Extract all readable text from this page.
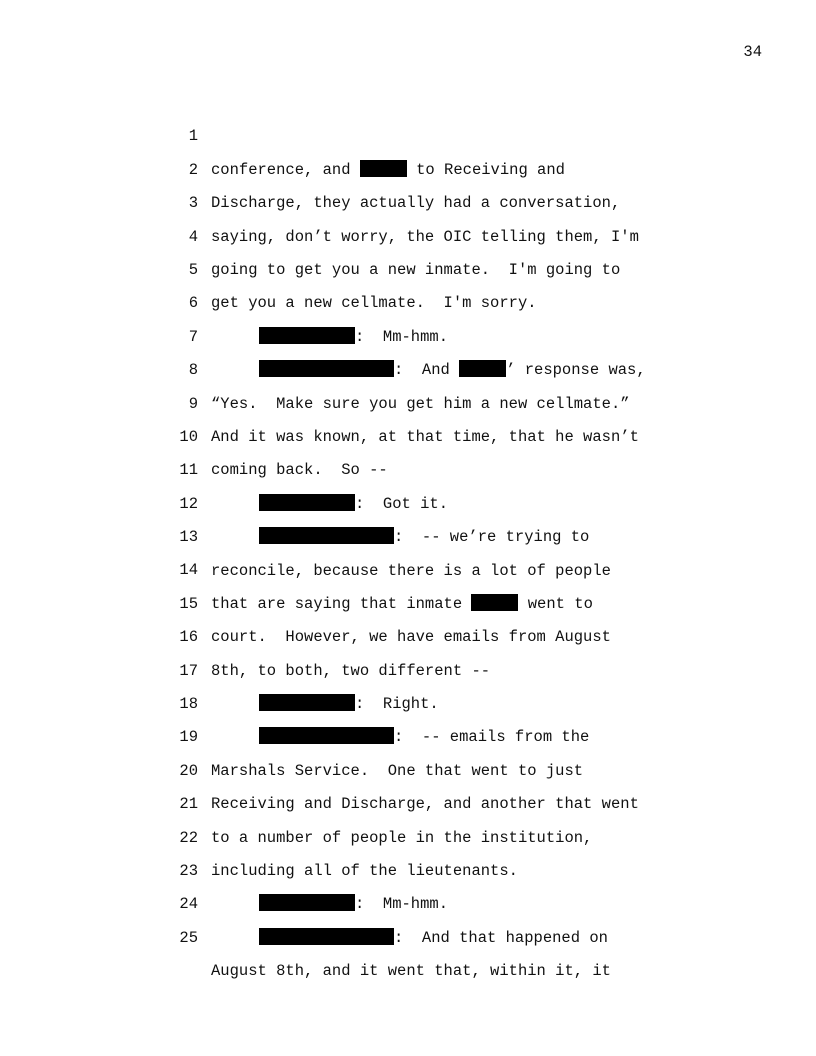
34

1

conference, and	to Receiving and

2

Discharge, they actually had a conversation,

3

saying, don’t worry, the OIC telling them, I'm

4

going to get you a new inmate.  I'm going to

5

get you a new cellmate.  I'm sorry.

6

:  Mm-hmm.

7

:  And	’ response was,

8

“Yes.  Make sure you get him a new cellmate.”

9

And it was known, at that time, that he wasn’t

10

coming back.  So --

11

:  Got it.

12

:  -- we’re trying to

13

reconcile, because there is a lot of people

14

that are saying that inmate	went to

15

court.  However, we have emails from August

16

8th, to both, two different --

17

:  Right.

18

:  -- emails from the

19

Marshals Service.  One that went to just

20

Receiving and Discharge, and another that went

21

to a number of people in the institution,

22

including all of the lieutenants.

23

:  Mm-hmm.

24

:  And that happened on

25

August 8th, and it went that, within it, it
